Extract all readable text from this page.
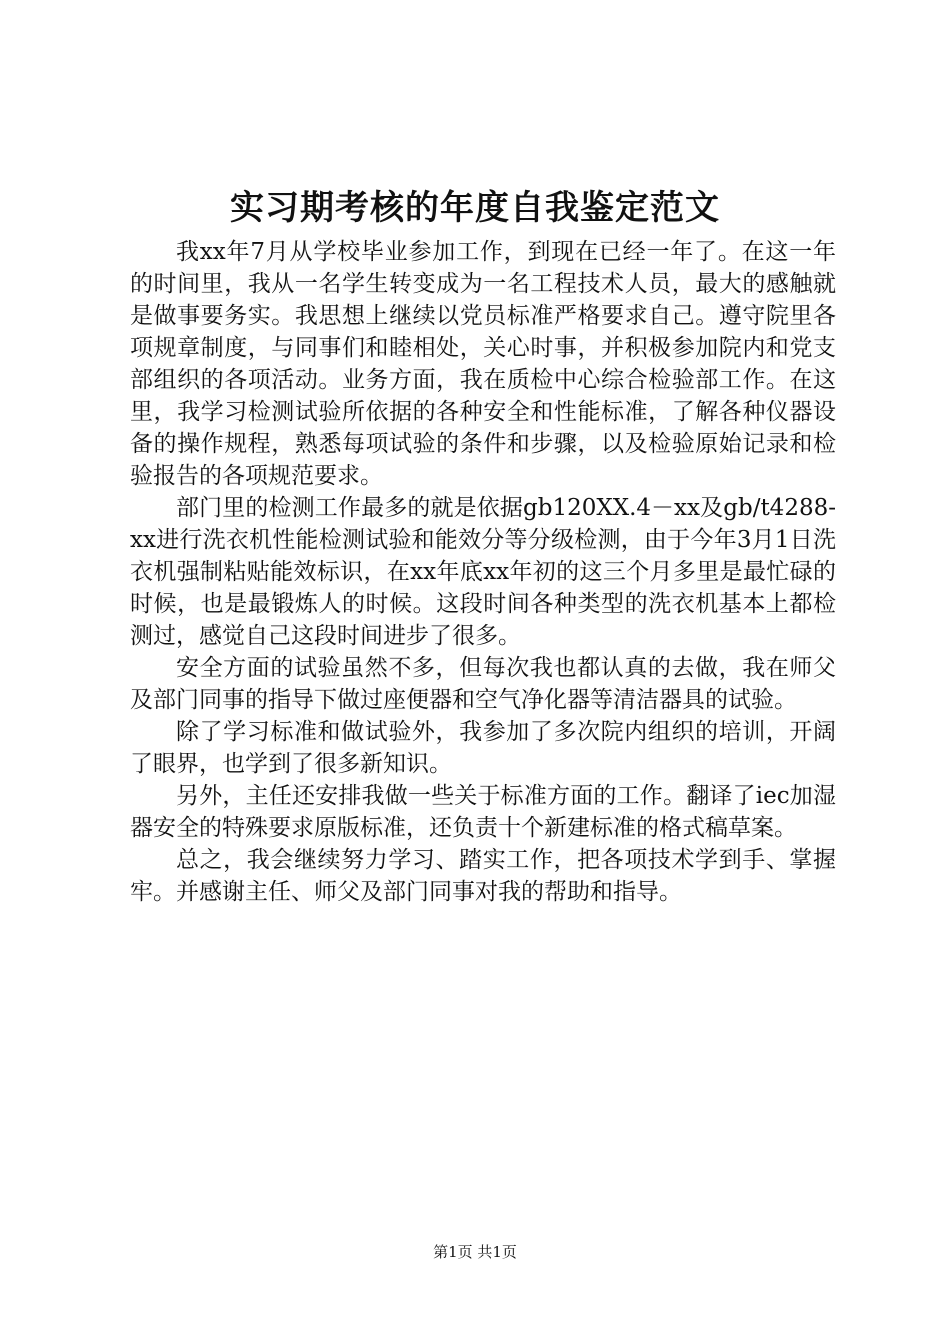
实习期考核的年度自我鉴定范文

我xx年7月从学校毕业参加工作，到现在已经一年了。在这一年的时间里，我从一名学生转变成为一名工程技术人员，最大的感触就是做事要务实。我思想上继续以党员标准严格要求自己。遵守院里各项规章制度，与同事们和睦相处，关心时事，并积极参加院内和党支部组织的各项活动。业务方面，我在质检中心综合检验部工作。在这里，我学习检测试验所依据的各种安全和性能标准，了解各种仪器设备的操作规程，熟悉每项试验的条件和步骤，以及检验原始记录和检验报告的各项规范要求。

部门里的检测工作最多的就是依据gb120XX.4－xx及gb/t4288-xx进行洗衣机性能检测试验和能效分等分级检测，由于今年3月1日洗衣机强制粘贴能效标识，在xx年底xx年初的这三个月多里是最忙碌的时候，也是最锻炼人的时候。这段时间各种类型的洗衣机基本上都检测过，感觉自己这段时间进步了很多。

安全方面的试验虽然不多，但每次我也都认真的去做，我在师父及部门同事的指导下做过座便器和空气净化器等清洁器具的试验。

除了学习标准和做试验外，我参加了多次院内组织的培训，开阔了眼界，也学到了很多新知识。

另外，主任还安排我做一些关于标准方面的工作。翻译了iec加湿器安全的特殊要求原版标准，还负责十个新建标准的格式稿草案。

总之，我会继续努力学习、踏实工作，把各项技术学到手、掌握牢。并感谢主任、师父及部门同事对我的帮助和指导。

第1页 共1页
